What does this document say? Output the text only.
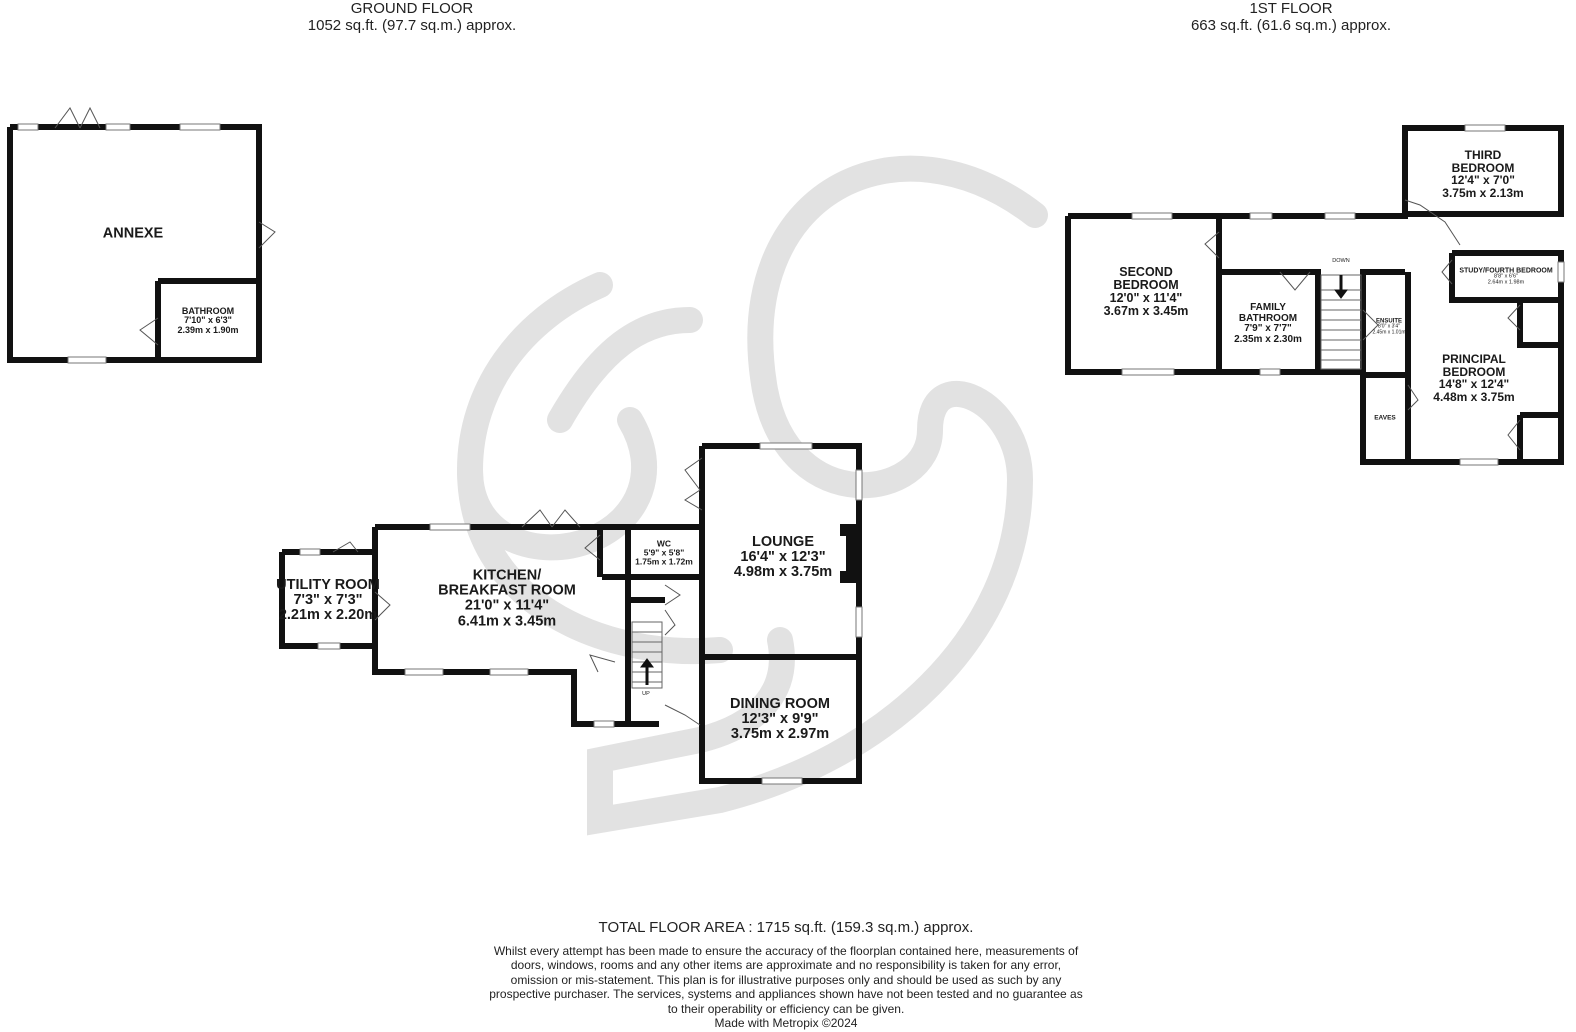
GROUND FLOOR
1052 sq.ft. (97.7 sq.m.) approx.
1ST FLOOR
663 sq.ft. (61.6 sq.m.) approx.
ANNEXE
BATHROOM
7'10" x 6'3"
2.39m x 1.90m
UTILITY ROOM
7'3" x 7'3"
2.21m x 2.20m
KITCHEN/
BREAKFAST ROOM
21'0" x 11'4"
6.41m x 3.45m
WC
5'9" x 5'8"
1.75m x 1.72m
LOUNGE
16'4" x 12'3"
4.98m x 3.75m
DINING ROOM
12'3" x 9'9"
3.75m x 2.97m
UP
SECOND
BEDROOM
12'0" x 11'4"
3.67m x 3.45m	FAMILY
BATHROOM
7'9" x 7'7"
2.35m x 2.30m
THIRD
BEDROOM
12'4" x 7'0"
3.75m x 2.13m
STUDY/FOURTH BEDROOM
8'8" x 6'6"
2.64m x 1.98m
ENSUITE
8'0" x 3'4"
2.45m x 1.01m
PRINCIPAL
BEDROOM
14'8" x 12'4"
4.48m x 3.75m
EAVES
DOWN
TOTAL FLOOR AREA : 1715 sq.ft. (159.3 sq.m.) approx.
Whilst every attempt has been made to ensure the accuracy of the floorplan contained here, measurements of doors, windows, rooms and any other items are approximate and no responsibility is taken for any error, omission or mis-statement. This plan is for illustrative purposes only and should be used as such by any prospective purchaser. The services, systems and appliances shown have not been tested and no guarantee as to their operability or efficiency can be given.
Made with Metropix ©2024
